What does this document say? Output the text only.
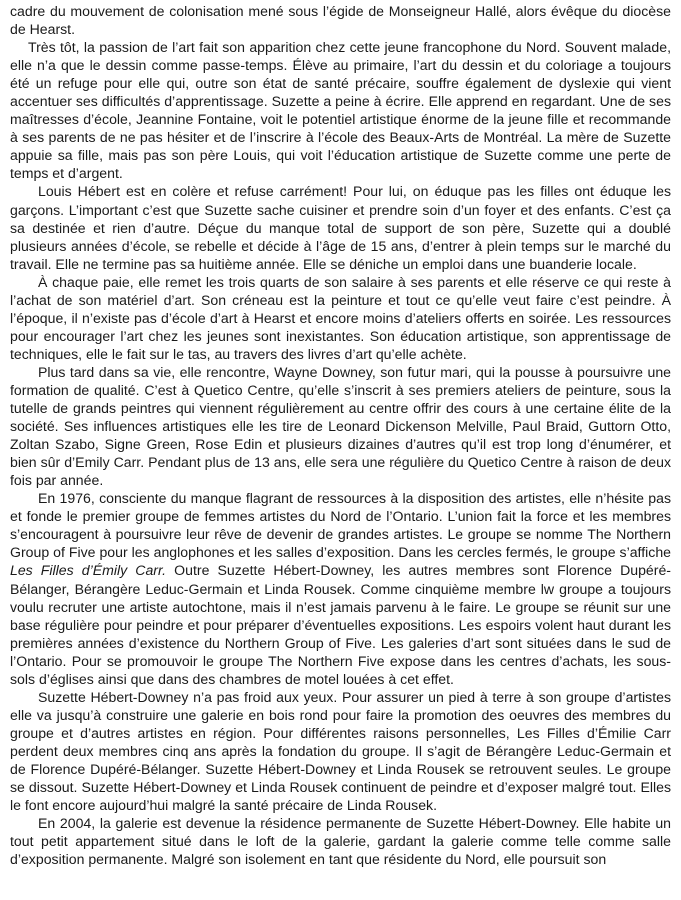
cadre du mouvement de colonisation mené sous l’égide de Monseigneur Hallé, alors évêque du diocèse de Hearst.

Très tôt, la passion de l’art fait son apparition chez cette jeune francophone du Nord. Souvent malade, elle n’a que le dessin comme passe-temps. Élève au primaire, l’art du dessin et du coloriage a toujours été un refuge pour elle qui, outre son état de santé précaire, souffre également de dyslexie qui vient accentuer ses difficultés d’apprentissage. Suzette a peine à écrire. Elle apprend en regardant. Une de ses maîtresses d’école, Jeannine Fontaine, voit le potentiel artistique énorme de la jeune fille et recommande à ses parents de ne pas hésiter et de l’inscrire à l’école des Beaux-Arts de Montréal. La mère de Suzette appuie sa fille, mais pas son père Louis, qui voit l’éducation artistique de Suzette comme une perte de temps et d’argent.

Louis Hébert est en colère et refuse carrément! Pour lui, on éduque pas les filles ont éduque les garçons. L’important c’est que Suzette sache cuisiner et prendre soin d’un foyer et des enfants. C’est ça sa destinée et rien d’autre. Déçue du manque total de support de son père, Suzette qui a doublé plusieurs années d’école, se rebelle et décide à l’âge de 15 ans, d’entrer à plein temps sur le marché du travail. Elle ne termine pas sa huitième année. Elle se déniche un emploi dans une buanderie locale.

À chaque paie, elle remet les trois quarts de son salaire à ses parents et elle réserve ce qui reste à l’achat de son matériel d’art. Son créneau est la peinture et tout ce qu’elle veut faire c’est peindre. À l’époque, il n’existe pas d’école d’art à Hearst et encore moins d’ateliers offerts en soirée. Les ressources pour encourager l’art chez les jeunes sont inexistantes. Son éducation artistique, son apprentissage de techniques, elle le fait sur le tas, au travers des livres d’art qu’elle achète.

Plus tard dans sa vie, elle rencontre, Wayne Downey, son futur mari, qui la pousse à poursuivre une formation de qualité. C’est à Quetico Centre, qu’elle s’inscrit à ses premiers ateliers de peinture, sous la tutelle de grands peintres qui viennent régulièrement au centre offrir des cours à une certaine élite de la société. Ses influences artistiques elle les tire de Leonard Dickenson Melville, Paul Braid, Guttorn Otto, Zoltan Szabo, Signe Green, Rose Edin et plusieurs dizaines d’autres qu’il est trop long d’énumérer, et bien sûr d’Emily Carr. Pendant plus de 13 ans, elle sera une régulière du Quetico Centre à raison de deux fois par année.

En 1976, consciente du manque flagrant de ressources à la disposition des artistes, elle n’hésite pas et fonde le premier groupe de femmes artistes du Nord de l’Ontario. L’union fait la force et les membres s’encouragent à poursuivre leur rêve de devenir de grandes artistes. Le groupe se nomme The Northern Group of Five pour les anglophones et les salles d’exposition. Dans les cercles fermés, le groupe s’affiche Les Filles d’Émily Carr. Outre Suzette Hébert-Downey, les autres membres sont Florence Dupéré-Bélanger, Bérangère Leduc-Germain et Linda Rousek. Comme cinquième membre lw groupe a toujours voulu recruter une artiste autochtone, mais il n’est jamais parvenu à le faire. Le groupe se réunit sur une base régulière pour peindre et pour préparer d’éventuelles expositions. Les espoirs volent haut durant les premières années d’existence du Northern Group of Five. Les galeries d’art sont situées dans le sud de l’Ontario. Pour se promouvoir le groupe The Northern Five expose dans les centres d’achats, les sous-sols d’églises ainsi que dans des chambres de motel louées à cet effet.

Suzette Hébert-Downey n’a pas froid aux yeux. Pour assurer un pied à terre à son groupe d’artistes elle va jusqu’à construire une galerie en bois rond pour faire la promotion des oeuvres des membres du groupe et d’autres artistes en région. Pour différentes raisons personnelles, Les Filles d’Émilie Carr perdent deux membres cinq ans après la fondation du groupe. Il s’agit de Bérangère Leduc-Germain et de Florence Dupéré-Bélanger. Suzette Hébert-Downey et Linda Rousek se retrouvent seules. Le groupe se dissout. Suzette Hébert-Downey et Linda Rousek continuent de peindre et d’exposer malgré tout. Elles le font encore aujourd’hui malgré la santé précaire de Linda Rousek.

En 2004, la galerie est devenue la résidence permanente de Suzette Hébert-Downey. Elle habite un tout petit appartement situé dans le loft de la galerie, gardant la galerie comme telle comme salle d’exposition permanente. Malgré son isolement en tant que résidente du Nord, elle poursuit son
